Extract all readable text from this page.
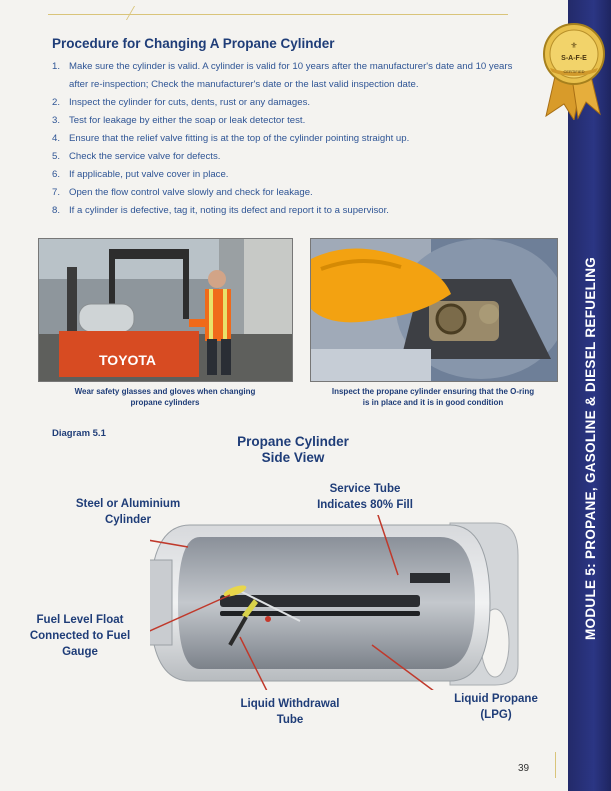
MODULE 5: PROPANE, GASOLINE & DIESEL REFUELING
⚜
S-A-F-E
CERTIFIED
Procedure for Changing A Propane Cylinder
1. Make sure the cylinder is valid. A cylinder is valid for 10 years after the manufacturer's date and 10 years after re-inspection; Check the manufacturer's date or the last valid inspection date.
2. Inspect the cylinder for cuts, dents, rust or any damages.
3. Test for leakage by either the soap or leak detector test.
4. Ensure that the relief valve fitting is at the top of the cylinder pointing straight up.
5. Check the service valve for defects.
6. If applicable, put valve cover in place.
7. Open the flow control valve slowly and check for leakage.
8. If a cylinder is defective, tag it, noting its defect and report it to a supervisor.
TOYOTA
Wear safety glasses and gloves when changing
propane cylinders
Inspect the propane cylinder ensuring that the O-ring
is in place and it is in good condition
Diagram 5.1
Propane Cylinder
Side View
Steel or Aluminium
Cylinder
Service Tube
Indicates 80% Fill
Fuel Level Float
Connected to Fuel
Gauge
Liquid Withdrawal
Tube
Liquid Propane
(LPG)
39
